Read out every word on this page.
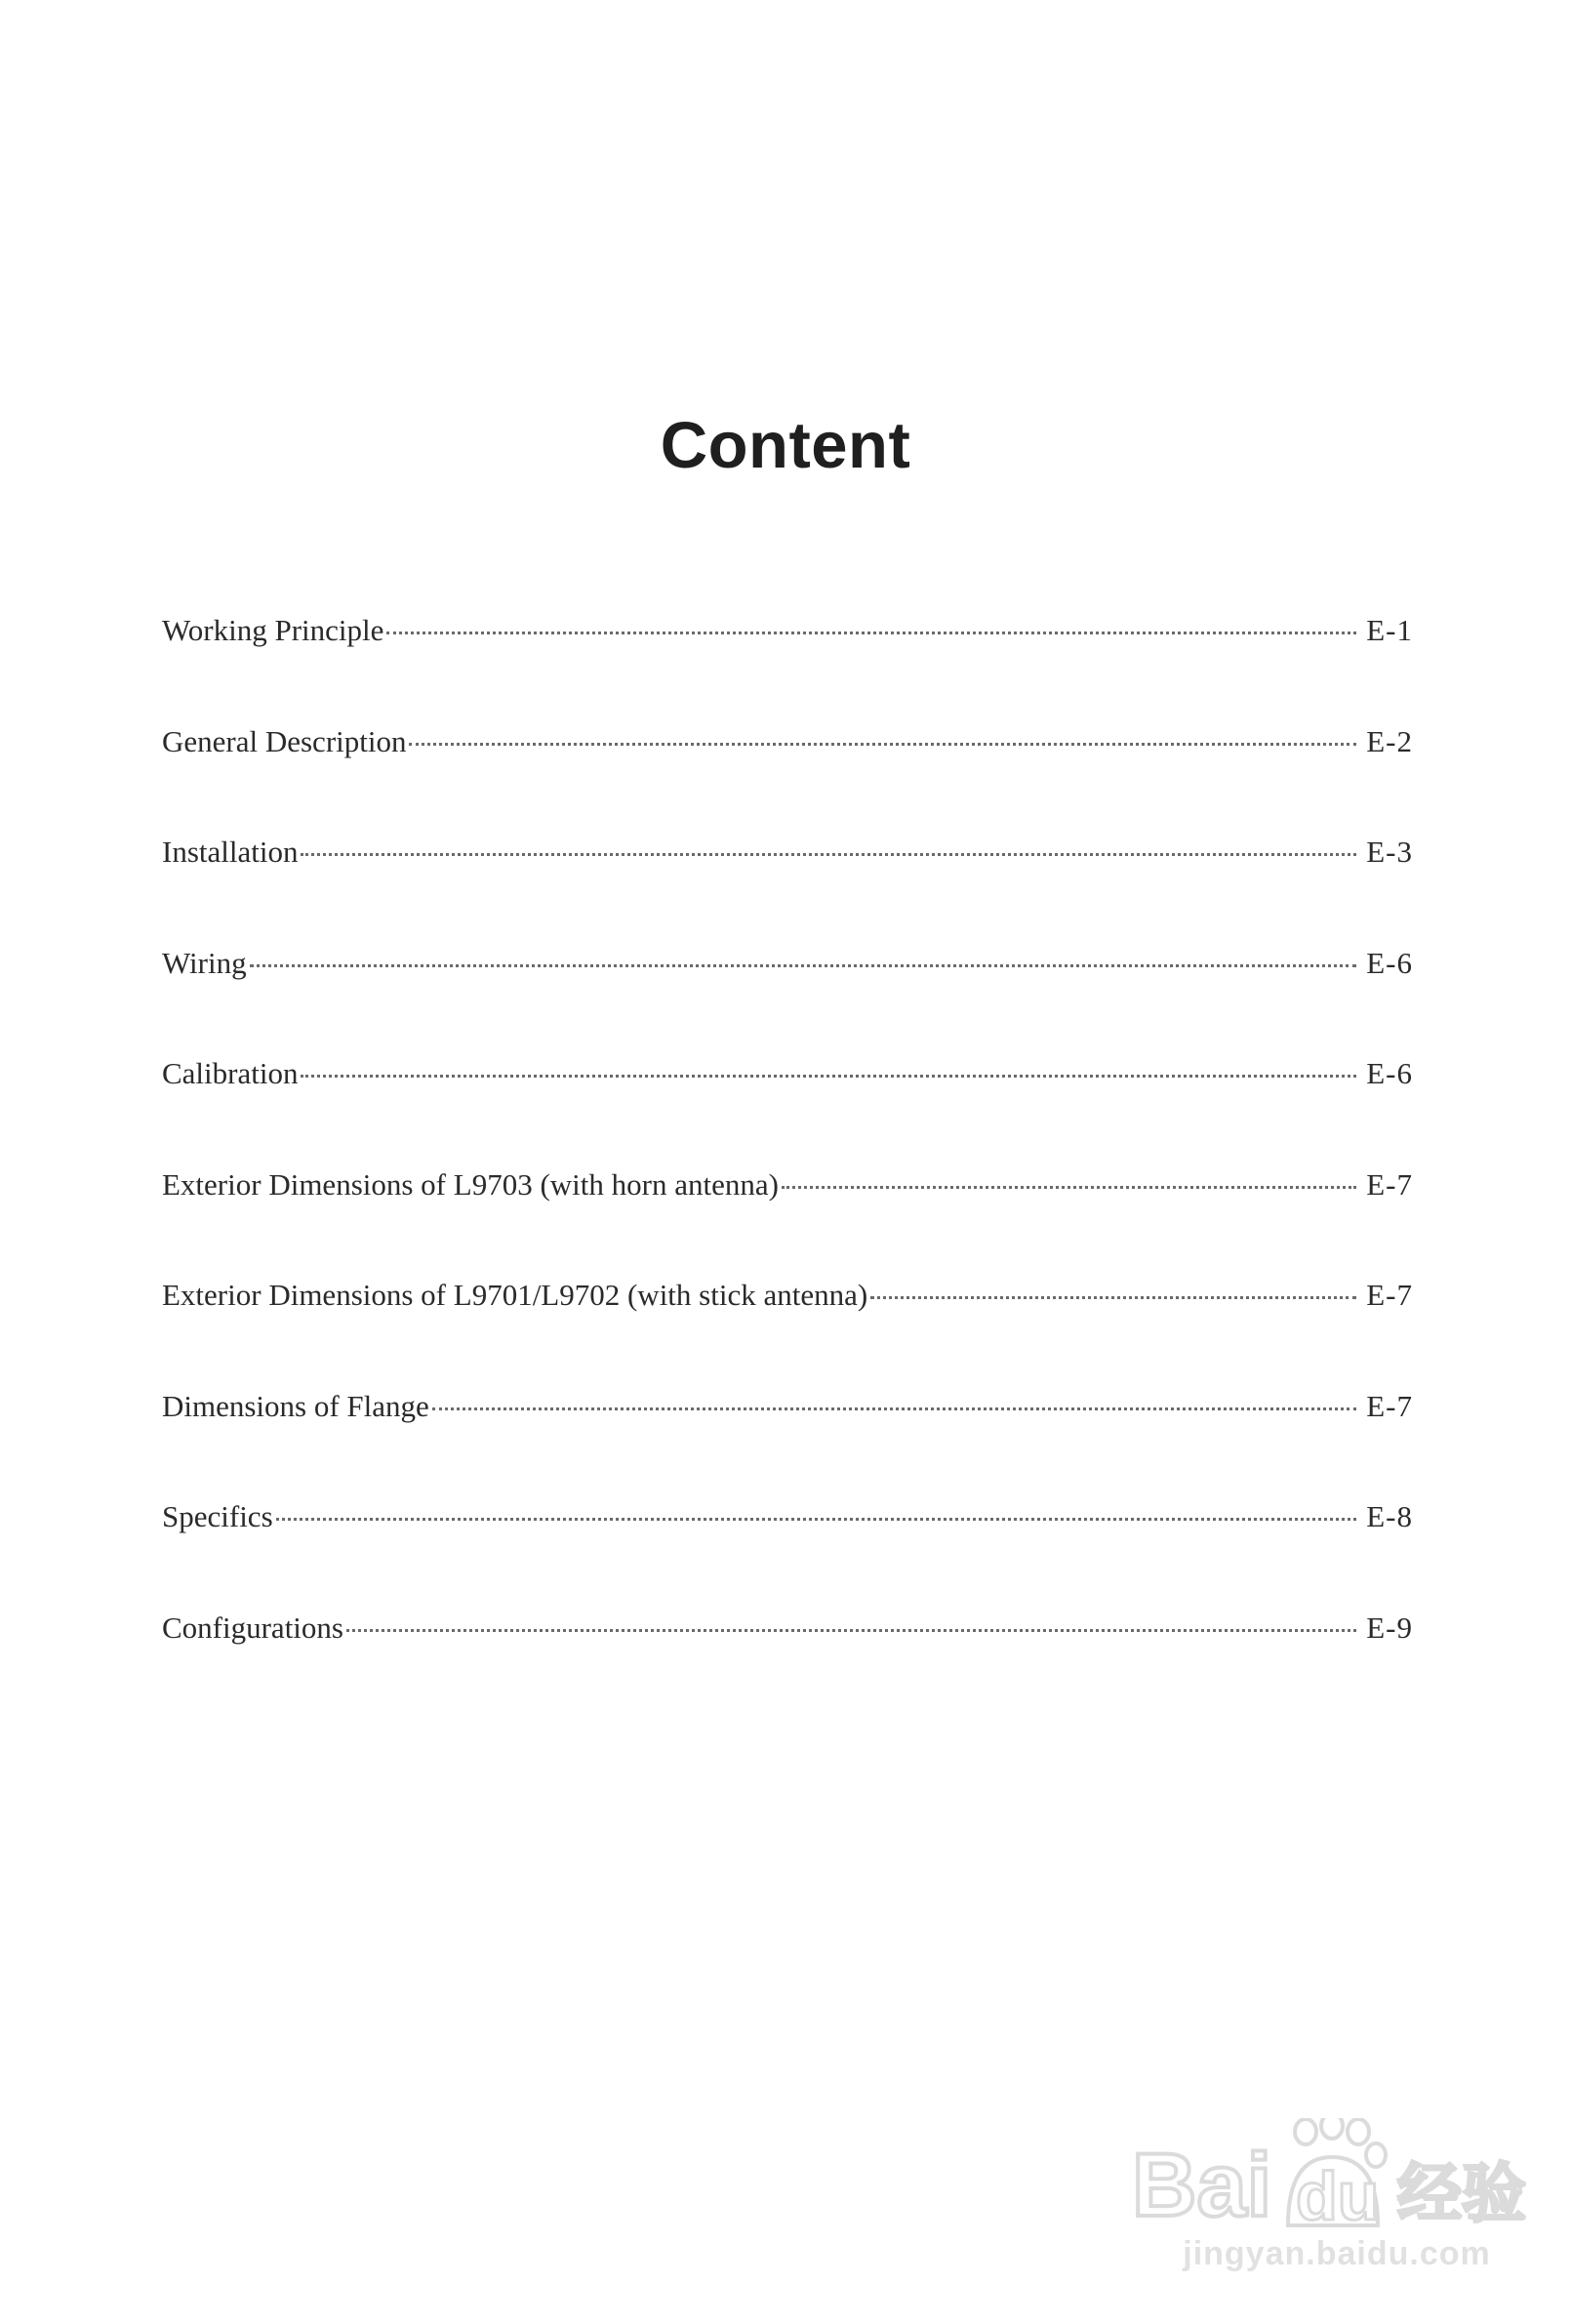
Content
Working Principle	E-1
General Description	E-2
Installation	E-3
Wiring	E-6
Calibration	E-6
Exterior Dimensions of L9703 (with horn antenna)	E-7
Exterior Dimensions of L9701/L9702 (with stick antenna)	E-7
Dimensions of Flange	E-7
Specifics	E-8
Configurations	E-9
Bai du 经验
jingyan.baidu.com
